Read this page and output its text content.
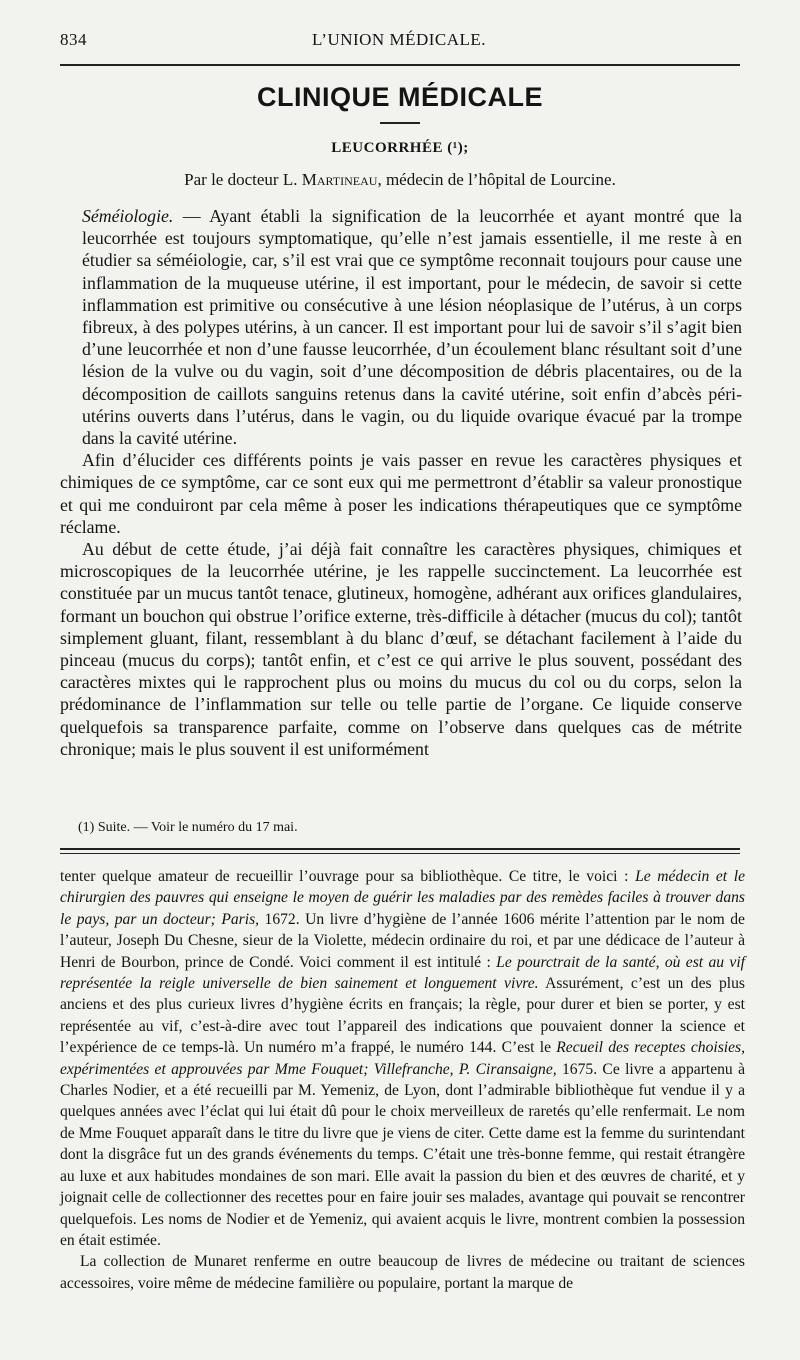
834	L’UNION MÉDICALE.
CLINIQUE MÉDICALE
LEUCORRHÉE (¹);
Par le docteur L. Martineau, médecin de l’hôpital de Lourcine.

Séméiologie. — Ayant établi la signification de la leucorrhée et ayant montré que la leucorrhée est toujours symptomatique, qu’elle n’est jamais essentielle, il me reste à en étudier sa séméiologie, car, s’il est vrai que ce symptôme reconnait toujours pour cause une inflammation de la muqueuse utérine, il est important, pour le médecin, de savoir si cette inflammation est primitive ou consécutive à une lésion néoplasique de l’utérus, à un corps fibreux, à des polypes utérins, à un cancer. Il est important pour lui de savoir s’il s’agit bien d’une leucorrhée et non d’une fausse leucorrhée, d’un écoulement blanc résultant soit d’une lésion de la vulve ou du vagin, soit d’une décomposition de débris placentaires, ou de la décomposition de caillots sanguins retenus dans la cavité utérine, soit enfin d’abcès péri-utérins ouverts dans l’utérus, dans le vagin, ou du liquide ovarique évacué par la trompe dans la cavité utérine.

Afin d’élucider ces différents points je vais passer en revue les caractères physiques et chimiques de ce symptôme, car ce sont eux qui me permettront d’établir sa valeur pronostique et qui me conduiront par cela même à poser les indications thérapeutiques que ce symptôme réclame.

Au début de cette étude, j’ai déjà fait connaître les caractères physiques, chimiques et microscopiques de la leucorrhée utérine, je les rappelle succinctement. La leucorrhée est constituée par un mucus tantôt tenace, glutineux, homogène, adhérant aux orifices glandulaires, formant un bouchon qui obstrue l’orifice externe, très-difficile à détacher (mucus du col); tantôt simplement gluant, filant, ressemblant à du blanc d’œuf, se détachant facilement à l’aide du pinceau (mucus du corps); tantôt enfin, et c’est ce qui arrive le plus souvent, possédant des caractères mixtes qui le rapprochent plus ou moins du mucus du col ou du corps, selon la prédominance de l’inflammation sur telle ou telle partie de l’organe. Ce liquide conserve quelquefois sa transparence parfaite, comme on l’observe dans quelques cas de métrite chronique; mais le plus souvent il est uniformément

(1) Suite. — Voir le numéro du 17 mai.

tenter quelque amateur de recueillir l’ouvrage pour sa bibliothèque. Ce titre, le voici : Le médecin et le chirurgien des pauvres qui enseigne le moyen de guérir les maladies par des remèdes faciles à trouver dans le pays, par un docteur; Paris, 1672. Un livre d’hygiène de l’année 1606 mérite l’attention par le nom de l’auteur, Joseph Du Chesne, sieur de la Violette, médecin ordinaire du roi, et par une dédicace de l’auteur à Henri de Bourbon, prince de Condé. Voici comment il est intitulé : Le pourctrait de la santé, où est au vif représentée la reigle universelle de bien sainement et longuement vivre. Assurément, c’est un des plus anciens et des plus curieux livres d’hygiène écrits en français; la règle, pour durer et bien se porter, y est représentée au vif, c’est-à-dire avec tout l’appareil des indications que pouvaient donner la science et l’expérience de ce temps-là. Un numéro m’a frappé, le numéro 144. C’est le Recueil des receptes choisies, expérimentées et approuvées par Mme Fouquet; Villefranche, P. Ciransaigne, 1675. Ce livre a appartenu à Charles Nodier, et a été recueilli par M. Yemeniz, de Lyon, dont l’admirable bibliothèque fut vendue il y a quelques années avec l’éclat qui lui était dû pour le choix merveilleux de raretés qu’elle renfermait. Le nom de Mme Fouquet apparaît dans le titre du livre que je viens de citer. Cette dame est la femme du surintendant dont la disgrâce fut un des grands événements du temps. C’était une très-bonne femme, qui restait étrangère au luxe et aux habitudes mondaines de son mari. Elle avait la passion du bien et des œuvres de charité, et y joignait celle de collectionner des recettes pour en faire jouir ses malades, avantage qui pouvait se rencontrer quelquefois. Les noms de Nodier et de Yemeniz, qui avaient acquis le livre, montrent combien la possession en était estimée.

La collection de Munaret renferme en outre beaucoup de livres de médecine ou traitant de sciences accessoires, voire même de médecine familière ou populaire, portant la marque de
